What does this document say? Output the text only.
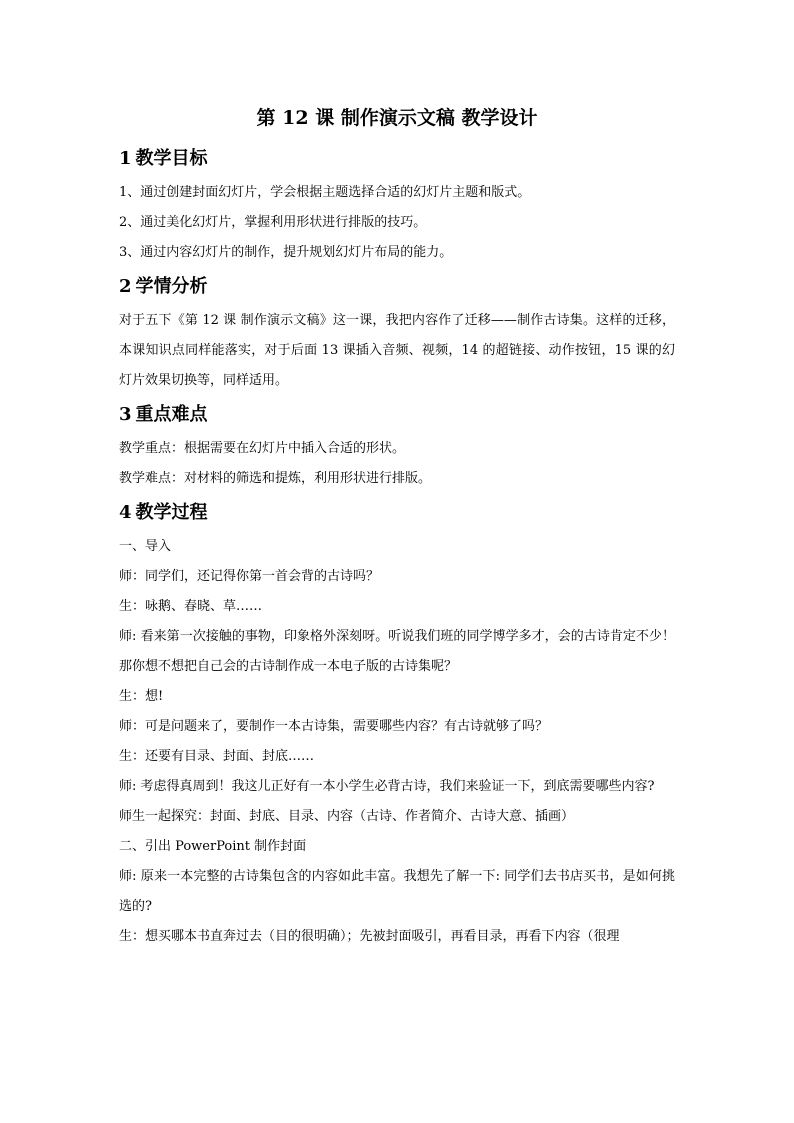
第 12 课 制作演示文稿 教学设计
1 教学目标

1、通过创建封面幻灯片，学会根据主题选择合适的幻灯片主题和版式。

2、通过美化幻灯片，掌握利用形状进行排版的技巧。

3、通过内容幻灯片的制作，提升规划幻灯片布局的能力。

2 学情分析

对于五下《第 12 课 制作演示文稿》这一课，我把内容作了迁移——制作古诗集。这样的迁移，本课知识点同样能落实，对于后面 13 课插入音频、视频，14 的超链接、动作按钮，15 课的幻灯片效果切换等，同样适用。

3 重点难点

教学重点：根据需要在幻灯片中插入合适的形状。

教学难点：对材料的筛选和提炼，利用形状进行排版。

4 教学过程

一、导入

师：同学们，还记得你第一首会背的古诗吗？

生：咏鹅、春晓、草……

师: 看来第一次接触的事物，印象格外深刻呀。听说我们班的同学博学多才，会的古诗肯定不少！那你想不想把自己会的古诗制作成一本电子版的古诗集呢？

生：想!

师：可是问题来了，要制作一本古诗集，需要哪些内容？有古诗就够了吗？

生：还要有目录、封面、封底……

师: 考虑得真周到！我这儿正好有一本小学生必背古诗，我们来验证一下，到底需要哪些内容?

师生一起探究：封面、封底、目录、内容（古诗、作者简介、古诗大意、插画）

二、引出 PowerPoint 制作封面

师: 原来一本完整的古诗集包含的内容如此丰富。我想先了解一下: 同学们去书店买书，是如何挑选的?

生：想买哪本书直奔过去（目的很明确）；先被封面吸引，再看目录，再看下内容（很理
